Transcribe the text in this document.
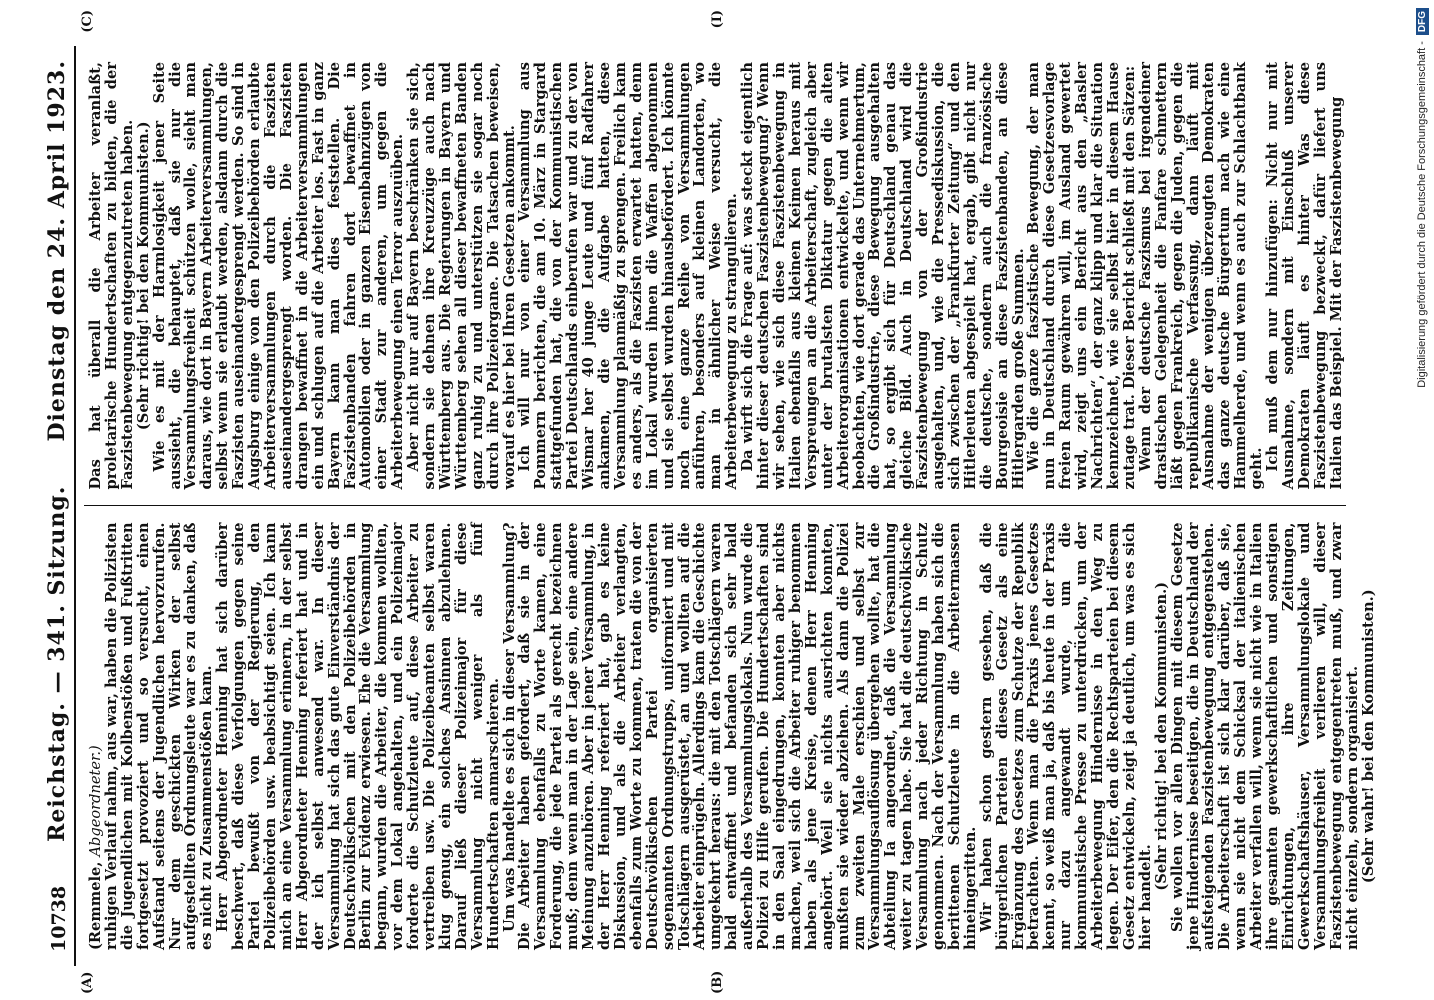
10738
Reichstag. — 341. Sitzung.
Dienstag den 24. April 1923.
(A)	(B)
(C)	(I)

(Remmele, Abgeordneter.)

ruhigen Verlauf nahm, aus war, haben die Polizisten die Jugendlichen mit Kolbenstößen und Fußtritten fortgesetzt provoziert und so versucht, einen Aufstand seitens der Jugendlichen hervorzurufen. Nur dem geschickten Wirken der selbst aufgestellten Ordnungsleute war es zu danken, daß es nicht zu Zusammenstößen kam.

Herr Abgeordneter Henning hat sich darüber beschwert, daß diese Verfolgungen gegen seine Partei bewußt von der Regierung, den Polizeibehörden usw. beabsichtigt seien. Ich kann mich an eine Versammlung erinnern, in der selbst Herr Abgeordneter Henning referiert hat und in der ich selbst anwesend war. In dieser Versammlung hat sich das gute Einverständnis der Deutschvölkischen mit den Polizeibehörden in Berlin zur Evidenz erwiesen. Ehe die Versammlung begann, wurden die Arbeiter, die kommen wollten, vor dem Lokal angehalten, und ein Polizeimajor forderte die Schutzleute auf, diese Arbeiter zu vertreiben usw. Die Polizeibeamten selbst waren klug genug, ein solches Ansinnen abzulehnen. Darauf ließ dieser Polizeimajor für diese Versammlung nicht weniger als fünf Hundertschaften anmarschieren.

Um was handelte es sich in dieser Versammlung? Die Arbeiter haben gefordert, daß sie in der Versammlung ebenfalls zu Worte kamen, eine Forderung, die jede Partei als gerecht bezeichnen muß; denn wenn man in der Lage sein, eine andere Meinung anzuhören. Aber in jener Versammlung, in der Herr Henning referiert hat, gab es keine Diskussion, und als die Arbeiter verlangten, ebenfalls zum Worte zu kommen, traten die von der Deutschvölkischen Partei organisierten sogenannten Ordnungstrupps, uniformiert und mit Totschlägern ausgerüstet, an und wollten auf die Arbeiter einprügeln. Allerdings kam die Geschichte umgekehrt heraus: die mit den Totschlägern waren bald entwaffnet und befanden sich sehr bald außerhalb des Versammlungslokals. Nun wurde die Polizei zu Hilfe gerufen. Die Hundertschaften sind in den Saal eingedrungen, konnten aber nichts machen, weil sich die Arbeiter ruhiger benommen haben als jene Kreise, denen Herr Henning angehört. Weil sie nichts ausrichten konnten, mußten sie wieder abziehen. Als dann die Polizei zum zweiten Male erschien und selbst zur Versammlungsauflösung übergehen wollte, hat die Abteilung Ia angeordnet, daß die Versammlung weiter zu tagen habe. Sie hat die deutschvölkische Versammlung nach jeder Richtung in Schutz genommen. Nach der Versammlung haben sich die berittenen Schutzleute in die Arbeitermassen hineingeritten.

Wir haben schon gestern gesehen, daß die bürgerlichen Parteien dieses Gesetz als eine Ergänzung des Gesetzes zum Schutze der Republik betrachten. Wenn man die Praxis jenes Gesetzes kennt, so weiß man ja, daß bis heute in der Praxis nur dazu angewandt wurde, um die kommunistische Presse zu unterdrücken, um der Arbeiterbewegung Hindernisse in den Weg zu legen. Der Eifer, den die Rechtsparteien bei diesem Gesetz entwickeln, zeigt ja deutlich, um was es sich hier handelt.

(Sehr richtig! bei den Kommunisten.)

Sie wollen vor allen Dingen mit diesem Gesetze jene Hindernisse beseitigen, die in Deutschland der aufsteigenden Faszistenbewegung entgegenstehen. Die Arbeiterschaft ist sich klar darüber, daß sie, wenn sie nicht dem Schicksal der italienischen Arbeiter verfallen will, wenn sie nicht wie in Italien ihre gesamten gewerkschaftlichen und sonstigen Einrichtungen, ihre Zeitungen, Gewerkschaftshäuser, Versammlungslokale und Versammlungsfreiheit verlieren will, dieser Faszistenbewegung entgegentreten muß, und zwar nicht einzeln, sondern organisiert.

(Sehr wahr! bei den Kommunisten.)

Das hat überall die Arbeiter veranlaßt, proletarische Hundertschaften zu bilden, die der Faszistenbewegung entgegenzutreten haben.

(Sehr richtig! bei den Kommunisten.)

Wie es mit der Harmlosigkeit jener Seite aussieht, die behauptet, daß sie nur die Versammlungsfreiheit schützen wolle, sieht man daraus, wie dort in Bayern Arbeiterversammlungen, selbst wenn sie erlaubt werden, alsdann durch die Faszisten auseinandergesprengt werden. So sind in Augsburg einige von den Polizeibehörden erlaubte Arbeiterversammlungen durch die Faszisten auseinandergesprengt worden. Die Faszisten drangen bewaffnet in die Arbeiterversammlungen ein und schlugen auf die Arbeiter los. Fast in ganz Bayern kann man dies feststellen. Die Faszistenbanden fahren dort bewaffnet in Automobilen oder in ganzen Eisenbahnzügen von einer Stadt zur anderen, um gegen die Arbeiterbewegung einen Terror auszuüben.

Aber nicht nur auf Bayern beschränken sie sich, sondern sie dehnen ihre Kreuzzüge auch nach Württemberg aus. Die Regierungen in Bayern und Württemberg sehen all dieser bewaffneten Banden ganz ruhig zu und unterstützen sie sogar noch durch ihre Polizeiorgane. Die Tatsachen beweisen, worauf es hier bei Ihren Gesetzen ankommt.

Ich will nur von einer Versammlung aus Pommern berichten, die am 10. März in Stargard stattgefunden hat, die von der Kommunistischen Partei Deutschlands einberufen war und zu der von Wismar her 40 junge Leute und fünf Radfahrer ankamen, die die Aufgabe hatten, diese Versammlung planmäßig zu sprengen. Freilich kam es anders, als die Faszisten erwartet hatten, denn im Lokal wurden ihnen die Waffen abgenommen und sie selbst wurden hinausbefördert. Ich könnte noch eine ganze Reihe von Versammlungen anführen, besonders auf kleinen Landorten, wo man in ähnlicher Weise versucht, die Arbeiterbewegung zu strangulieren.

Da wirft sich die Frage auf: was steckt eigentlich hinter dieser deutschen Faszistenbewegung? Wenn wir sehen, wie sich diese Faszistenbewegung in Italien ebenfalls aus kleinen Keimen heraus mit Verspreungen an die Arbeiterschaft, zugleich aber unter der brutalsten Diktatur gegen die alten Arbeiterorganisationen entwickelte, und wenn wir beobachten, wie dort gerade das Unternehmertum, die Großindustrie, diese Bewegung ausgehalten hat, so ergibt sich für Deutschland genau das gleiche Bild. Auch in Deutschland wird die Faszistenbewegung von der Großindustrie ausgehalten, und, wie die Pressediskussion, die sich zwischen der „Frankfurter Zeitung“ und den Hitlerleuten abgespielt hat, ergab, gibt nicht nur die deutsche, sondern auch die französische Bourgeoisie an diese Faszistenbanden, an diese Hitlergarden große Summen.

Wie die ganze faszistische Bewegung, der man nun in Deutschland durch diese Gesetzesvorlage freien Raum gewähren will, im Ausland gewertet wird, zeigt uns ein Bericht aus den „Basler Nachrichten“, der ganz klipp und klar die Situation kennzeichnet, wie sie selbst hier in diesem Hause zutage trat. Dieser Bericht schließt mit den Sätzen:

Wenn der deutsche Faszismus bei irgendeiner drastischen Gelegenheit die Fanfare schmettern läßt gegen Frankreich, gegen die Juden, gegen die republikanische Verfassung, dann läuft mit Ausnahme der wenigen überzeugten Demokraten das ganze deutsche Bürgertum nach wie eine Hammelherde, und wenn es auch zur Schlachtbank geht.

Ich muß dem nur hinzufügen: Nicht nur mit Ausnahme, sondern mit Einschluß unserer Demokraten läuft es hinter Was diese Faszistenbewegung bezweckt, dafür liefert uns Italien das Beispiel. Mit der Faszistenbewegung	Digitalisierung gefördert durch die Deutsche Forschungsgemeinschaft -
DFG
